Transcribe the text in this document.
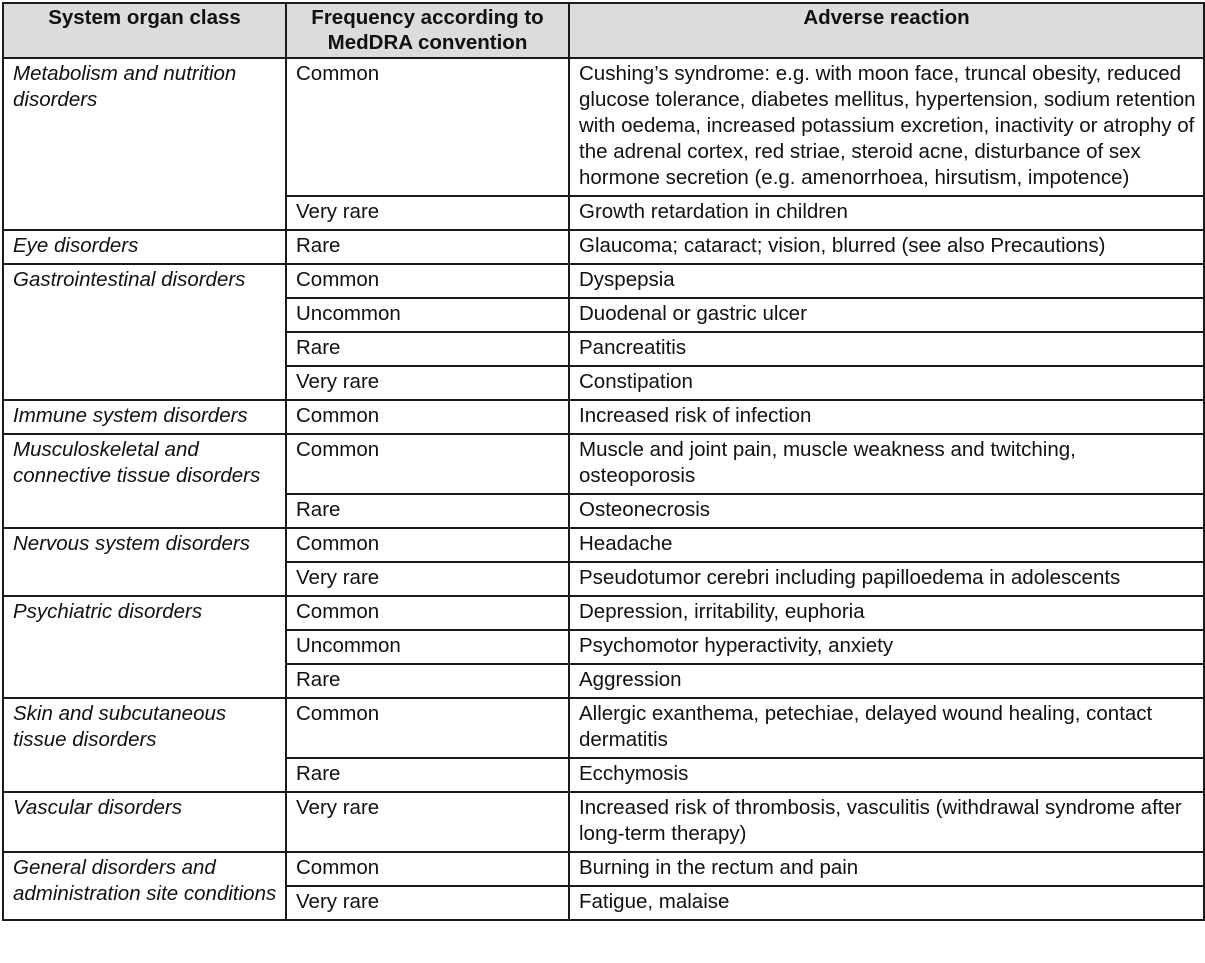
System organ class	Frequency according to MedDRA convention	Adverse reaction
Metabolism and nutrition disorders	Common	Cushing’s syndrome: e.g. with moon face, truncal obesity, reduced glucose tolerance, diabetes mellitus, hypertension, sodium retention with oedema, increased potassium excretion, inactivity or atrophy of the adrenal cortex, red striae, steroid acne, disturbance of sex hormone secretion (e.g. amenorrhoea, hirsutism, impotence)
	Very rare	Growth retardation in children
Eye disorders	Rare	Glaucoma; cataract; vision, blurred (see also Precautions)
Gastrointestinal disorders	Common	Dyspepsia
	Uncommon	Duodenal or gastric ulcer
	Rare	Pancreatitis
	Very rare	Constipation
Immune system disorders	Common	Increased risk of infection
Musculoskeletal and connective tissue disorders	Common	Muscle and joint pain, muscle weakness and twitching, osteoporosis
	Rare	Osteonecrosis
Nervous system disorders	Common	Headache
	Very rare	Pseudotumor cerebri including papilloedema in adolescents
Psychiatric disorders	Common	Depression, irritability, euphoria
	Uncommon	Psychomotor hyperactivity, anxiety
	Rare	Aggression
Skin and subcutaneous tissue disorders	Common	Allergic exanthema, petechiae, delayed wound healing, contact dermatitis
	Rare	Ecchymosis
Vascular disorders	Very rare	Increased risk of thrombosis, vasculitis (withdrawal syndrome after long-term therapy)
General disorders and administration site conditions	Common	Burning in the rectum and pain
	Very rare	Fatigue, malaise
